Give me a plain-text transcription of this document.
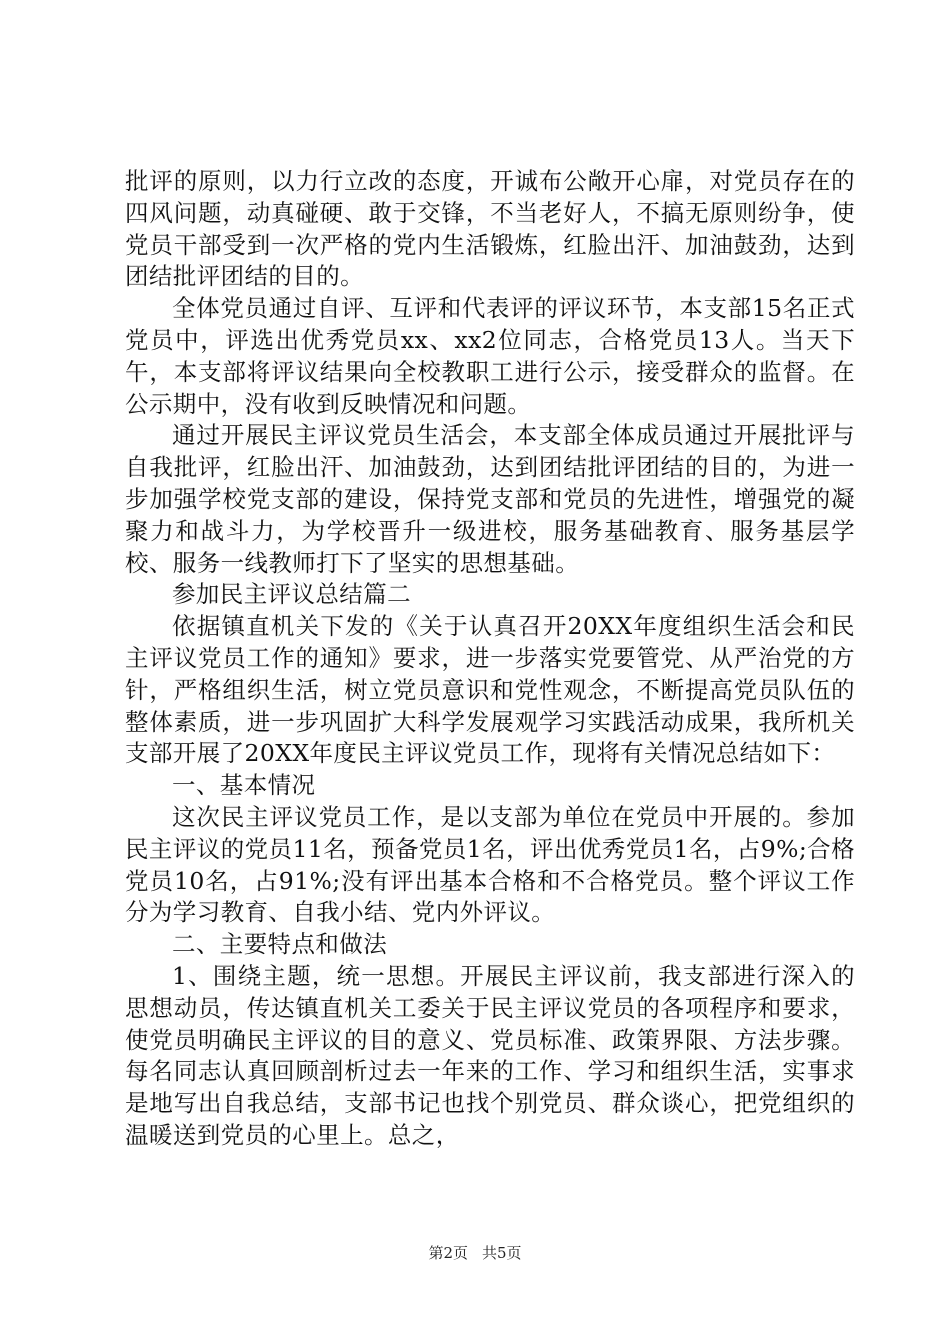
批评的原则，以力行立改的态度，开诚布公敞开心扉，对党员存在的四风问题，动真碰硬、敢于交锋，不当老好人，不搞无原则纷争，使党员干部受到一次严格的党内生活锻炼，红脸出汗、加油鼓劲，达到团结批评团结的目的。

全体党员通过自评、互评和代表评的评议环节，本支部15名正式党员中，评选出优秀党员xx、xx2位同志，合格党员13人。当天下午，本支部将评议结果向全校教职工进行公示，接受群众的监督。在公示期中，没有收到反映情况和问题。

通过开展民主评议党员生活会，本支部全体成员通过开展批评与自我批评，红脸出汗、加油鼓劲，达到团结批评团结的目的，为进一步加强学校党支部的建设，保持党支部和党员的先进性，增强党的凝聚力和战斗力，为学校晋升一级进校，服务基础教育、服务基层学校、服务一线教师打下了坚实的思想基础。

参加民主评议总结篇二

依据镇直机关下发的《关于认真召开20XX年度组织生活会和民主评议党员工作的通知》要求，进一步落实党要管党、从严治党的方针，严格组织生活，树立党员意识和党性观念，不断提高党员队伍的整体素质，进一步巩固扩大科学发展观学习实践活动成果，我所机关支部开展了20XX年度民主评议党员工作，现将有关情况总结如下：

一、基本情况

这次民主评议党员工作，是以支部为单位在党员中开展的。参加民主评议的党员11名，预备党员1名，评出优秀党员1名，占9%;合格党员10名，占91%;没有评出基本合格和不合格党员。整个评议工作分为学习教育、自我小结、党内外评议。

二、主要特点和做法

1、围绕主题，统一思想。开展民主评议前，我支部进行深入的思想动员，传达镇直机关工委关于民主评议党员的各项程序和要求，使党员明确民主评议的目的意义、党员标准、政策界限、方法步骤。每名同志认真回顾剖析过去一年来的工作、学习和组织生活，实事求是地写出自我总结，支部书记也找个别党员、群众谈心，把党组织的温暖送到党员的心里上。总之，

第2页 共5页
